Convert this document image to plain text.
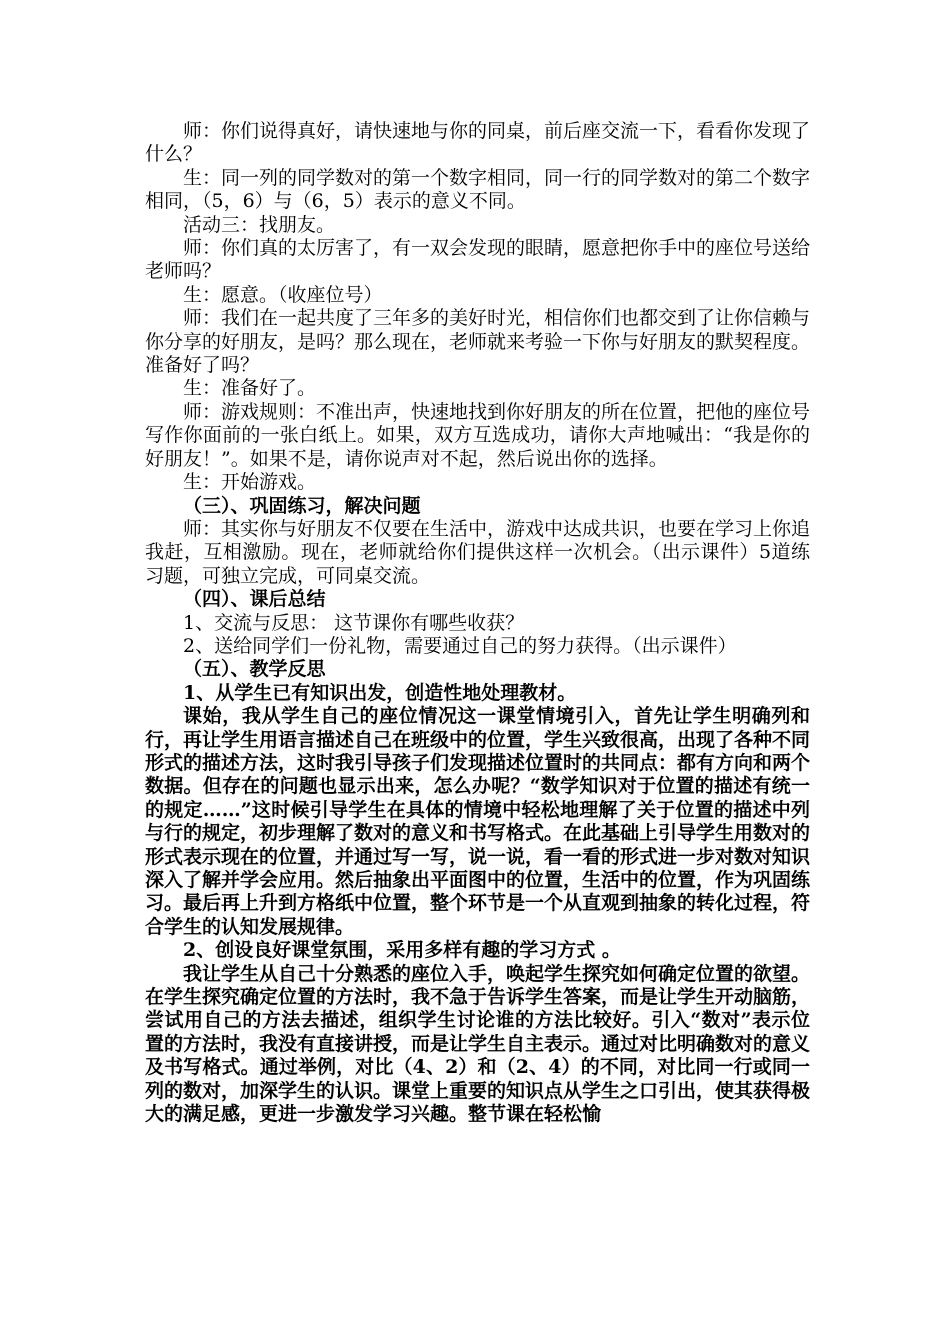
师：你们说得真好，请快速地与你的同桌，前后座交流一下，看看你发现了什么？

生：同一列的同学数对的第一个数字相同，同一行的同学数对的第二个数字相同，（5，6）与（6，5）表示的意义不同。

活动三：找朋友。

师：你们真的太厉害了，有一双会发现的眼睛，愿意把你手中的座位号送给老师吗？

生：愿意。（收座位号）

师：我们在一起共度了三年多的美好时光，相信你们也都交到了让你信赖与你分享的好朋友，是吗？那么现在，老师就来考验一下你与好朋友的默契程度。准备好了吗？

生：准备好了。

师：游戏规则：不准出声，快速地找到你好朋友的所在位置，把他的座位号写作你面前的一张白纸上。如果，双方互选成功，请你大声地喊出：“我是你的好朋友！”。如果不是，请你说声对不起，然后说出你的选择。

生：开始游戏。

（三）、巩固练习，解决问题

师：其实你与好朋友不仅要在生活中，游戏中达成共识，也要在学习上你追我赶，互相激励。现在，老师就给你们提供这样一次机会。（出示课件）5道练习题，可独立完成，可同桌交流。

（四）、课后总结

1、交流与反思： 这节课你有哪些收获？

2、送给同学们一份礼物，需要通过自己的努力获得。（出示课件）

（五）、教学反思

1、从学生已有知识出发，创造性地处理教材。

课始，我从学生自己的座位情况这一课堂情境引入，首先让学生明确列和行，再让学生用语言描述自己在班级中的位置，学生兴致很高，出现了各种不同形式的描述方法，这时我引导孩子们发现描述位置时的共同点：都有方向和两个数据。但存在的问题也显示出来，怎么办呢？“数学知识对于位置的描述有统一的规定……”这时候引导学生在具体的情境中轻松地理解了关于位置的描述中列与行的规定，初步理解了数对的意义和书写格式。在此基础上引导学生用数对的形式表示现在的位置，并通过写一写，说一说，看一看的形式进一步对数对知识深入了解并学会应用。然后抽象出平面图中的位置，生活中的位置，作为巩固练习。最后再上升到方格纸中位置，整个环节是一个从直观到抽象的转化过程，符合学生的认知发展规律。

2、创设良好课堂氛围，采用多样有趣的学习方式 。

我让学生从自己十分熟悉的座位入手，唤起学生探究如何确定位置的欲望。在学生探究确定位置的方法时，我不急于告诉学生答案，而是让学生开动脑筋，尝试用自己的方法去描述，组织学生讨论谁的方法比较好。引入“数对”表示位置的方法时，我没有直接讲授，而是让学生自主表示。通过对比明确数对的意义及书写格式。通过举例，对比（4、2）和（2、4）的不同，对比同一行或同一列的数对，加深学生的认识。课堂上重要的知识点从学生之口引出，使其获得极大的满足感，更进一步激发学习兴趣。整节课在轻松愉
